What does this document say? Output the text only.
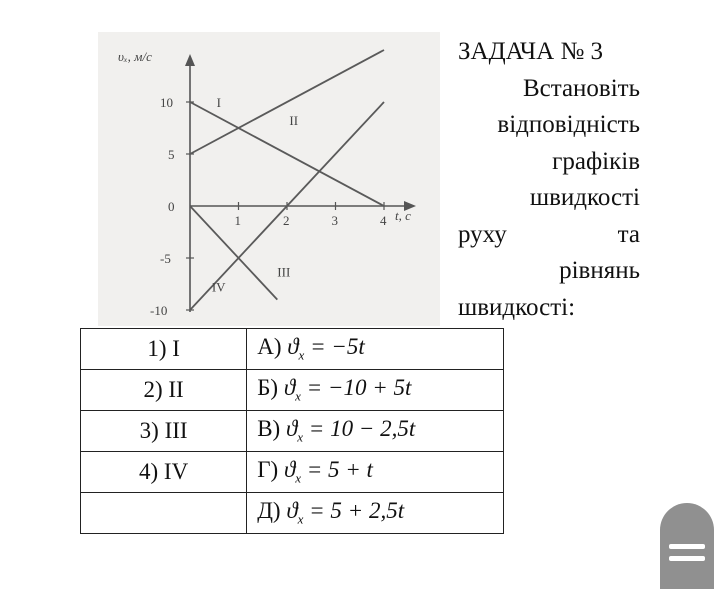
υₓ, м/с
t, с
1	2	3	4
10
5
0
-5
-10
I
II
III
IV
ЗАДАЧА № 3
Встановіть
відповідність
графіків
швидкості
руху	та
рівнянь
швидкості:
1) I	А) $ϑ_x = -5t$
2) II	Б) $ϑ_x = -10 + 5t$
3) III	В) $ϑ_x = 10 - 2,5t$
4) IV	Г) $ϑ_x = 5 + t$
	Д) $ϑ_x = 5 + 2,5t$
